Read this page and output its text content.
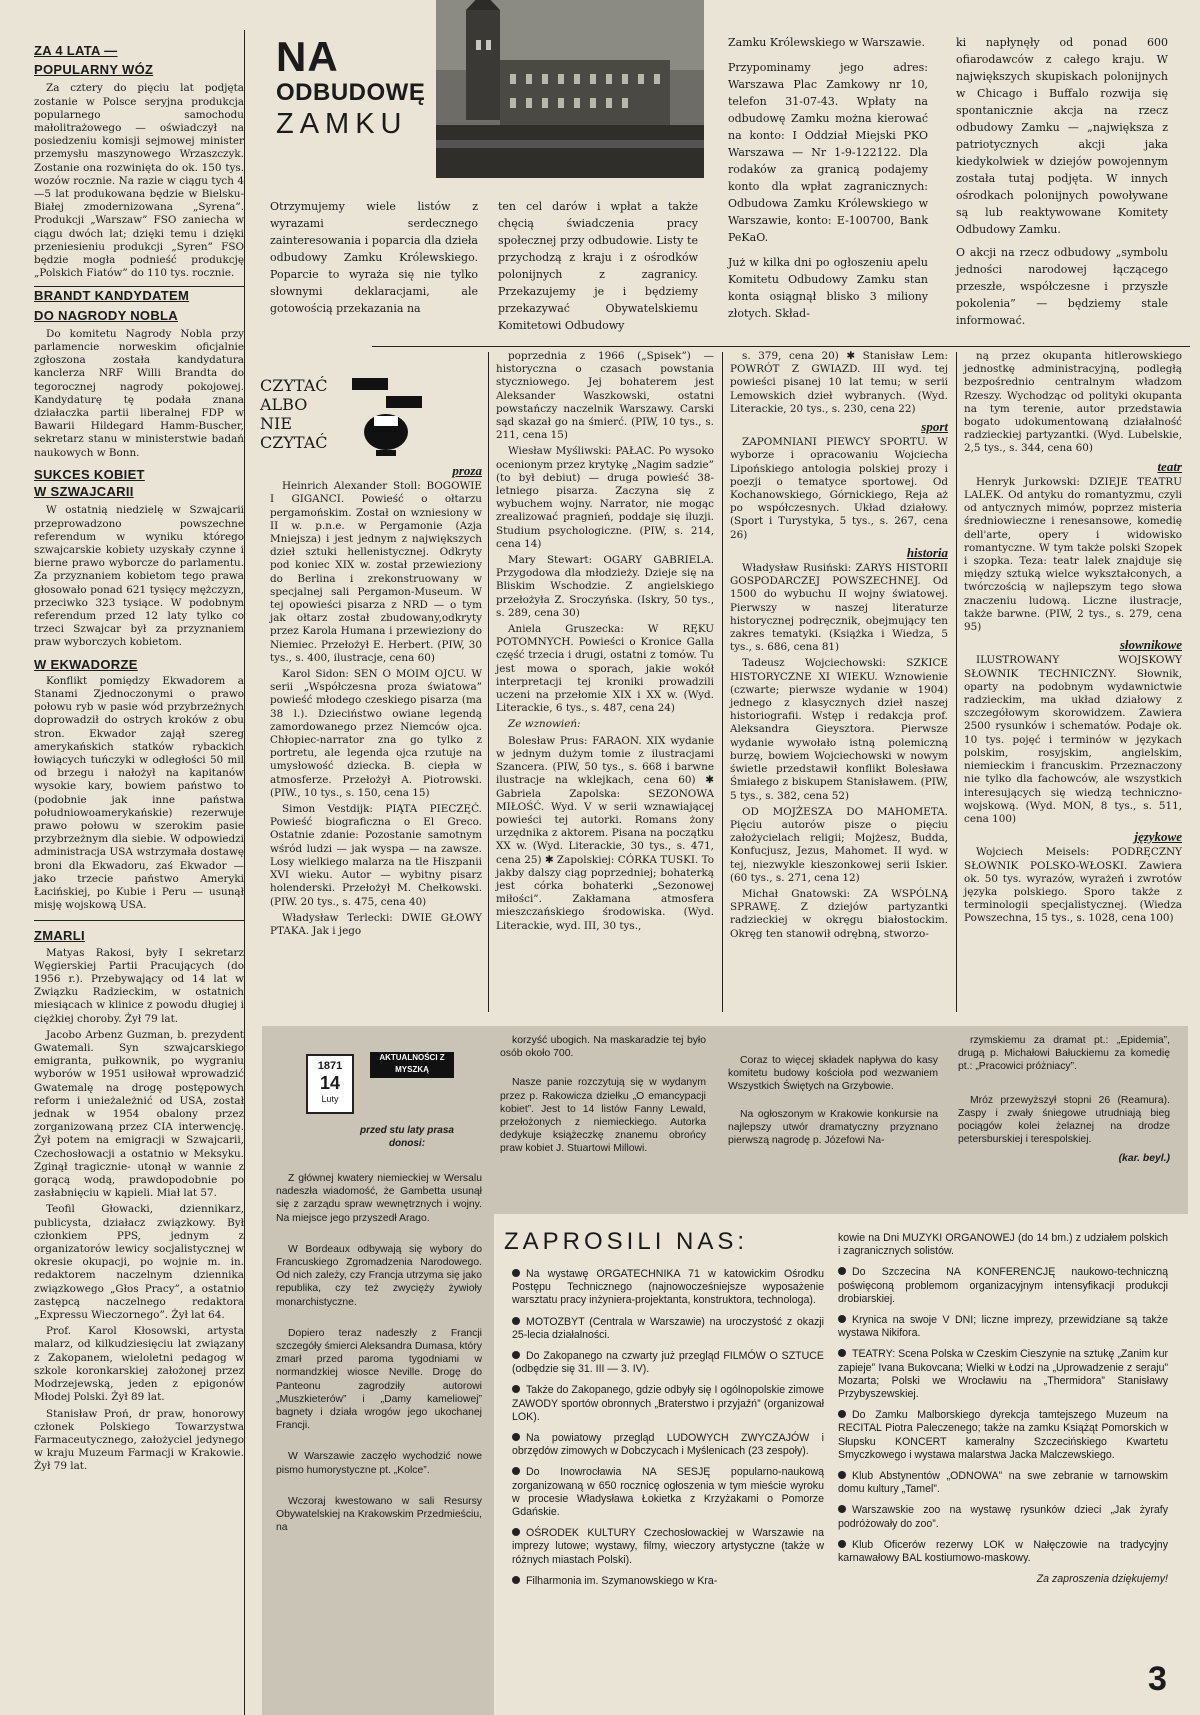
ZA 4 LATA —
POPULARNY WÓZ

Za cztery do pięciu lat podjęta zostanie w Polsce seryjna produkcja popularnego samochodu małolitrażowego — oświadczył na posiedzeniu komisji sejmowej minister przemysłu maszynowego Wrzaszczyk. Zostanie ona rozwinięta do ok. 150 tys. wozów rocznie. Na razie w ciągu tych 4—5 lat produkowana będzie w Bielsku-Białej zmodernizowana „Syrena”. Produkcji „Warszaw” FSO zaniecha w ciągu dwóch lat; dzięki temu i dzięki przeniesieniu produkcji „Syren” FSO będzie mogła podnieść produkcję „Polskich Fiatów” do 110 tys. rocznie.

BRANDT KANDYDATEM
DO NAGRODY NOBLA

Do komitetu Nagrody Nobla przy parlamencie norweskim oficjalnie zgłoszona została kandydatura kanclerza NRF Willi Brandta do tegorocznej nagrody pokojowej. Kandydaturę tę podała znana działaczka partii liberalnej FDP w Bawarii Hildegard Hamm-Buscher, sekretarz stanu w ministerstwie badań naukowych w Bonn.

SUKCES KOBIET
W SZWAJCARII

W ostatnią niedzielę w Szwajcarii przeprowadzono powszechne referendum w wyniku którego szwajcarskie kobiety uzyskały czynne i bierne prawo wyborcze do parlamentu. Za przyznaniem kobietom tego prawa głosowało ponad 621 tysięcy mężczyzn, przeciwko 323 tysiące. W podobnym referendum przed 12 laty tylko co trzeci Szwajcar był za przyznaniem praw wyborczych kobietom.

W EKWADORZE

Konflikt pomiędzy Ekwadorem a Stanami Zjednoczonymi o prawo połowu ryb w pasie wód przybrzeżnych doprowadził do ostrych kroków z obu stron. Ekwador zajął szereg amerykańskich statków rybackich łowiących tuńczyki w odległości 50 mil od brzegu i nałożył na kapitanów wysokie kary, bowiem państwo to (podobnie jak inne państwa południowoamerykańskie) rezerwuje prawo połowu w szerokim pasie przybrzeżnym dla siebie. W odpowiedzi administracja USA wstrzymała dostawę broni dla Ekwadoru, zaś Ekwador — jako trzecie państwo Ameryki Łacińskiej, po Kubie i Peru — usunął misję wojskową USA.

ZMARLI

Matyas Rakosi, były I sekretarz Węgierskiej Partii Pracujących (do 1956 r.). Przebywający od 14 lat w Związku Radzieckim, w ostatnich miesiącach w klinice z powodu długiej i ciężkiej choroby. Żył 79 lat.

Jacobo Arbenz Guzman, b. prezydent Gwatemali. Syn szwajcarskiego emigranta, pułkownik, po wygraniu wyborów w 1951 usiłował wprowadzić Gwatemalę na drogę postępowych reform i unieżależnić od USA, został jednak w 1954 obalony przez zorganizowaną przez CIA interwencję. Żył potem na emigracji w Szwajcarii, Czechosłowacji a ostatnio w Meksyku. Zginął tragicznie- utonął w wannie z gorącą wodą, prawdopodobnie po zasłabnięciu w kąpieli. Miał lat 57.

Teofil Głowacki, dziennikarz, publicysta, działacz związkowy. Był członkiem PPS, jednym z organizatorów lewicy socjalistycznej w okresie okupacji, po wojnie m. in. redaktorem naczelnym dziennika związkowego „Głos Pracy”, a ostatnio zastępcą naczelnego redaktora „Expressu Wieczornego”. Żył lat 64.

Prof. Karol Kłosowski, artysta malarz, od kilkudziesięciu lat związany z Zakopanem, wieloletni pedagog w szkole koronkarskiej założonej przez Modrzejewską, jeden z epigonów Młodej Polski. Żył 89 lat.

Stanisław Proń, dr praw, honorowy członek Polskiego Towarzystwa Farmaceutycznego, założyciel jedynego w kraju Muzeum Farmacji w Krakowie. Żył 79 lat.

NA
ODBUDOWĘ
ZAMKU
Otrzymujemy wiele listów z wyrazami serdecznego zainteresowania i poparcia dla dzieła odbudowy Zamku Królewskiego. Poparcie to wyraża się nie tylko słownymi deklaracjami, ale gotowością przekazania na
ten cel darów i wpłat a także chęcią świadczenia pracy społecznej przy odbudowie. Listy te przychodzą z kraju i z ośrodków polonijnych z zagranicy. Przekazujemy je i będziemy przekazywać Obywatelskiemu Komitetowi Odbudowy
Zamku Królewskiego w Warszawie.
Przypominamy jego adres: Warszawa Plac Zamkowy nr 10, telefon 31-07-43. Wpłaty na odbudowę Zamku można kierować na konto: I Oddział Miejski PKO Warszawa — Nr 1-9-122122. Dla rodaków za granicą podajemy konto dla wpłat zagranicznych: Odbudowa Zamku Królewskiego w Warszawie, konto: E-100700, Bank PeKaO.
Już w kilka dni po ogłoszeniu apelu Komitetu Odbudowy Zamku stan konta osiągnął blisko 3 miliony złotych. Skład-
ki napłynęły od ponad 600 ofiarodawców z całego kraju. W największych skupiskach polonijnych w Chicago i Buffalo rozwija się spontanicznie akcja na rzecz odbudowy Zamku — „największa z patriotycznych akcji jaka kiedykolwiek w dziejów powojennym została tutaj podjęta. W innych ośrodkach polonijnych powoływane są lub reaktywowane Komitety Odbudowy Zamku.
O akcji na rzecz odbudowy „symbolu jedności narodowej łączącego przeszłe, współczesne i przyszłe pokolenia” — będziemy stale informować.
CZYTAĆ ALBO NIE CZYTAĆ
proza

Heinrich Alexander Stoll: BOGOWIE I GIGANCI. Powieść o ołtarzu pergamońskim. Został on wzniesiony w II w. p.n.e. w Pergamonie (Azja Mniejsza) i jest jednym z największych dzieł sztuki hellenistycznej. Odkryty pod koniec XIX w. został przewieziony do Berlina i zrekonstruowany w specjalnej sali Pergamon-Museum. W tej opowieści pisarza z NRD — o tym jak ołtarz został zbudowany,odkryty przez Karola Humana i przewieziony do Niemiec. Przełożył E. Herbert. (PIW, 30 tys., s. 400, ilustracje, cena 60)

Karol Sidon: SEN O MOIM OJCU. W serii „Współczesna proza światowa” powieść młodego czeskiego pisarza (ma 38 l.). Dzieciństwo owiane legendą zamordowanego przez Niemców ojca. Chłopiec-narrator zna go tylko z portretu, ale legenda ojca rzutuje na umysłowość dziecka. B. ciepła w atmosferze. Przełożył A. Piotrowski. (PIW., 10 tys., s. 150, cena 15)

Simon Vestdijk: PIĄTA PIECZĘĆ. Powieść biograficzna o El Greco. Ostatnie zdanie: Pozostanie samotnym wśród ludzi — jak wyspa — na zawsze. Losy wielkiego malarza na tle Hiszpanii XVI wieku. Autor — wybitny pisarz holenderski. Przełożył M. Chełkowski. (PIW. 20 tys., s. 475, cena 40)

Władysław Terlecki: DWIE GŁOWY PTAKA. Jak i jego

poprzednia z 1966 („Spisek”) — historyczna o czasach powstania styczniowego. Jej bohaterem jest Aleksander Waszkowski, ostatni powstańczy naczelnik Warszawy. Carski sąd skazał go na śmierć. (PIW, 10 tys., s. 211, cena 15)

Wiesław Myśliwski: PAŁAC. Po wysoko ocenionym przez krytykę „Nagim sadzie” (to był debiut) — druga powieść 38-letniego pisarza. Zaczyna się z wybuchem wojny. Narrator, nie mogąc zrealizować pragnień, poddaje się iluzji. Studium psychologiczne. (PIW, s. 214, cena 14)

Mary Stewart: OGARY GABRIELA. Przygodowa dla młodzieży. Dzieje się na Bliskim Wschodzie. Z angielskiego przełożyła Z. Sroczyńska. (Iskry, 50 tys., s. 289, cena 30)

Aniela Gruszecka: W RĘKU POTOMNYCH. Powieści o Kronice Galla część trzecia i drugi, ostatni z tomów. Tu jest mowa o sporach, jakie wokół interpretacji tej kroniki prowadzili uczeni na przełomie XIX i XX w. (Wyd. Literackie, 6 tys., s. 487, cena 24)

Ze wznowień:

Bolesław Prus: FARAON. XIX wydanie w jednym dużym tomie z ilustracjami Szancera. (PIW, 50 tys., s. 668 i barwne ilustracje na wklejkach, cena 60) ✱ Gabriela Zapolska: SEZONOWA MIŁOŚĆ. Wyd. V w serii wznawiającej powieści tej autorki. Romans żony urzędnika z aktorem. Pisana na początku XX w. (Wyd. Literackie, 30 tys., s. 471, cena 25) ✱ Zapolskiej: CÓRKA TUSKI. To jakby dalszy ciąg poprzedniej; bohaterką jest córka bohaterki „Sezonowej miłości”. Zakłamana atmosfera mieszczańskiego środowiska. (Wyd. Literackie, wyd. III, 30 tys.,

s. 379, cena 20) ✱ Stanisław Lem: POWRÓT Z GWIAZD. III wyd. tej powieści pisanej 10 lat temu; w serii Lemowskich dzieł wybranych. (Wyd. Literackie, 20 tys., s. 230, cena 22)

sport

ZAPOMNIANI PIEWCY SPORTU. W wyborze i opracowaniu Wojciecha Lipońskiego antologia polskiej prozy i poezji o tematyce sportowej. Od Kochanowskiego, Górnickiego, Reja aż po współczesnych. Układ działowy. (Sport i Turystyka, 5 tys., s. 267, cena 26)

historia

Władysław Rusiński: ZARYS HISTORII GOSPODARCZEJ POWSZECHNEJ. Od 1500 do wybuchu II wojny światowej. Pierwszy w naszej literaturze historycznej podręcznik, obejmujący ten zakres tematyki. (Książka i Wiedza, 5 tys., s. 686, cena 81)

Tadeusz Wojciechowski: SZKICE HISTORYCZNE XI WIEKU. Wznowienie (czwarte; pierwsze wydanie w 1904) jednego z klasycznych dzieł naszej historiografii. Wstęp i redakcja prof. Aleksandra Gieysztora. Pierwsze wydanie wywołało istną polemiczną burzę, bowiem Wojciechowski w nowym świetle przedstawił konflikt Bolesława Śmiałego z biskupem Stanisławem. (PIW, 5 tys., s. 382, cena 52)

OD MOJŻESZA DO MAHOMETA. Pięciu autorów pisze o pięciu założycielach religii; Mojżesz, Budda, Konfucjusz, Jezus, Mahomet. II wyd. w tej, niezwykle kieszonkowej serii Iskier. (60 tys., s. 271, cena 12)

Michał Gnatowski: ZA WSPÓLNĄ SPRAWĘ. Z dziejów partyzantki radzieckiej w okręgu białostockim. Okręg ten stanowił odrębną, stworzo-

ną przez okupanta hitlerowskiego jednostkę administracyjną, podległą bezpośrednio centralnym władzom Rzeszy. Wychodząc od polityki okupanta na tym terenie, autor przedstawia bogato udokumentowaną działalność radzieckiej partyzantki. (Wyd. Lubelskie, 2,5 tys., s. 344, cena 60)

teatr

Henryk Jurkowski: DZIEJE TEATRU LALEK. Od antyku do romantyzmu, czyli od antycznych mimów, poprzez misteria średniowieczne i renesansowe, komedię dell'arte, opery i widowisko romantyczne. W tym także polski Szopek i szopka. Teza: teatr lalek znajduje się między sztuką wielce wykształconych, a twórczością w najlepszym tego słowa znaczeniu ludową. Liczne ilustracje, także barwne. (PIW, 2 tys., s. 279, cena 95)

słownikowe

ILUSTROWANY WOJSKOWY SŁOWNIK TECHNICZNY. Słownik, oparty na podobnym wydawnictwie radzieckim, ma układ działowy z szczegółowym skorowidzem. Zawiera 2500 rysunków i schematów. Podaje ok. 10 tys. pojęć i terminów w językach polskim, rosyjskim, angielskim, niemieckim i francuskim. Przeznaczony nie tylko dla fachowców, ale wszystkich interesujących się wiedzą techniczno-wojskową. (Wyd. MON, 8 tys., s. 511, cena 100)

językowe

Wojciech Meisels: PODRĘCZNY SŁOWNIK POLSKO-WŁOSKI. Zawiera ok. 50 tys. wyrazów, wyrażeń i zwrotów języka polskiego. Sporo także z terminologii specjalistycznej. (Wiedza Powszechna, 15 tys., s. 1028, cena 100)

1871
14
Luty
AKTUALNOŚCI Z MYSZKĄ
przed stu laty prasa donosi:

Z głównej kwatery niemieckiej w Wersalu nadeszła wiadomość, że Gambetta usunął się z zarządu spraw wewnętrznych i wojny. Na miejsce jego przyszedł Arago.

W Bordeaux odbywają się wybory do Francuskiego Zgromadzenia Narodowego. Od nich zależy, czy Francja utrzyma się jako republika, czy też zwycięży żywioły monarchistyczne.

Dopiero teraz nadeszły z Francji szczegóły śmierci Aleksandra Dumasa, który zmarł przed paroma tygodniami w normandzkiej wiosce Neville. Drogę do Panteonu zagrodziły autorowi „Muszkieterów” i „Damy kameliowej” bagnety i działa wrogów jego ukochanej Francji.

W Warszawie zaczęło wychodzić nowe pismo humorystyczne pt. „Kolce”.

Wczoraj kwestowano w sali Resursy Obywatelskiej na Krakowskim Przedmieściu, na

korzyść ubogich. Na maskaradzie tej było osób około 700.

Nasze panie rozczytują się w wydanym przez p. Rakowicza dziełku „O emancypacji kobiet”. Jest to 14 listów Fanny Lewald, przełożonych z niemieckiego. Autorka dedykuje książeczkę znanemu obrońcy praw kobiet J. Stuartowi Millowi.

Coraz to więcej składek napływa do kasy komitetu budowy kościoła pod wezwaniem Wszystkich Świętych na Grzybowie.

Na ogłoszonym w Krakowie konkursie na najlepszy utwór dramatyczny przyznano pierwszą nagrodę p. Józefowi Na-

rzymskiemu za dramat pt.: „Epidemia”, drugą p. Michałowi Bałuckiemu za komedię pt.: „Pracowici próżniacy”.

Mróz przewyższył stopni 26 (Reamura). Zaspy i zwały śniegowe utrudniają bieg pociągów kolei żelaznej na drodze petersburskiej i terespolskiej.

(kar. beyl.)
ZAPROSILI NAS:

Na wystawę ORGATECHNIKA 71 w katowickim Ośrodku Postępu Technicznego (najnowocześniejsze wyposażenie warsztatu pracy inżyniera-projektanta, konstruktora, technologa).

MOTOZBYT (Centrala w Warszawie) na uroczystość z okazji 25-lecia działalności.

Do Zakopanego na czwarty już przegląd FILMÓW O SZTUCE (odbędzie się 31. III — 3. IV).

Także do Zakopanego, gdzie odbyły się I ogólnopolskie zimowe ZAWODY sportów obronnych „Braterstwo i przyjaźń” (organizował LOK).

Na powiatowy przegląd LUDOWYCH ZWYCZAJÓW i obrzędów zimowych w Dobczycach i Myślenicach (23 zespoły).

Do Inowrocławia NA SESJĘ popularno-naukową zorganizowaną w 650 rocznicę ogłoszenia w tym mieście wyroku w procesie Władysława Łokietka z Krzyżakami o Pomorze Gdańskie.

OŚRODEK KULTURY Czechosłowackiej w Warszawie na imprezy lutowe; wystawy, filmy, wieczory artystyczne (także w różnych miastach Polski).

Filharmonia im. Szymanowskiego w Kra-

kowie na Dni MUZYKI ORGANOWEJ (do 14 bm.) z udziałem polskich i zagranicznych solistów.

Do Szczecina NA KONFERENCJĘ naukowo-techniczną poświęconą problemom organizacyjnym intensyfikacji produkcji drobiarskiej.

Krynica na swoje V DNI; liczne imprezy, przewidziane są także wystawa Nikifora.

TEATRY: Scena Polska w Czeskim Cieszynie na sztukę „Zanim kur zapieje” Ivana Bukovcana; Wielki w Łodzi na „Uprowadzenie z seraju” Mozarta; Polski we Wrocławiu na „Thermidora” Stanisławy Przybyszewskiej.

Do Zamku Malborskiego dyrekcja tamtejszego Muzeum na RECITAL Piotra Paleczenego; także na zamku Książąt Pomorskich w Słupsku KONCERT kameralny Szczecińskiego Kwartetu Smyczkowego i wystawa malarstwa Jacka Malczewskiego.

Klub Abstynentów „ODNOWA” na swe zebranie w tarnowskim domu kultury „Tamel”.

Warszawskie zoo na wystawę rysunków dzieci „Jak żyrafy podróżowały do zoo”.

Klub Oficerów rezerwy LOK w Nałęczowie na tradycyjny karnawałowy BAL kostiumowo-maskowy.

Za zaproszenia dziękujemy!
3
